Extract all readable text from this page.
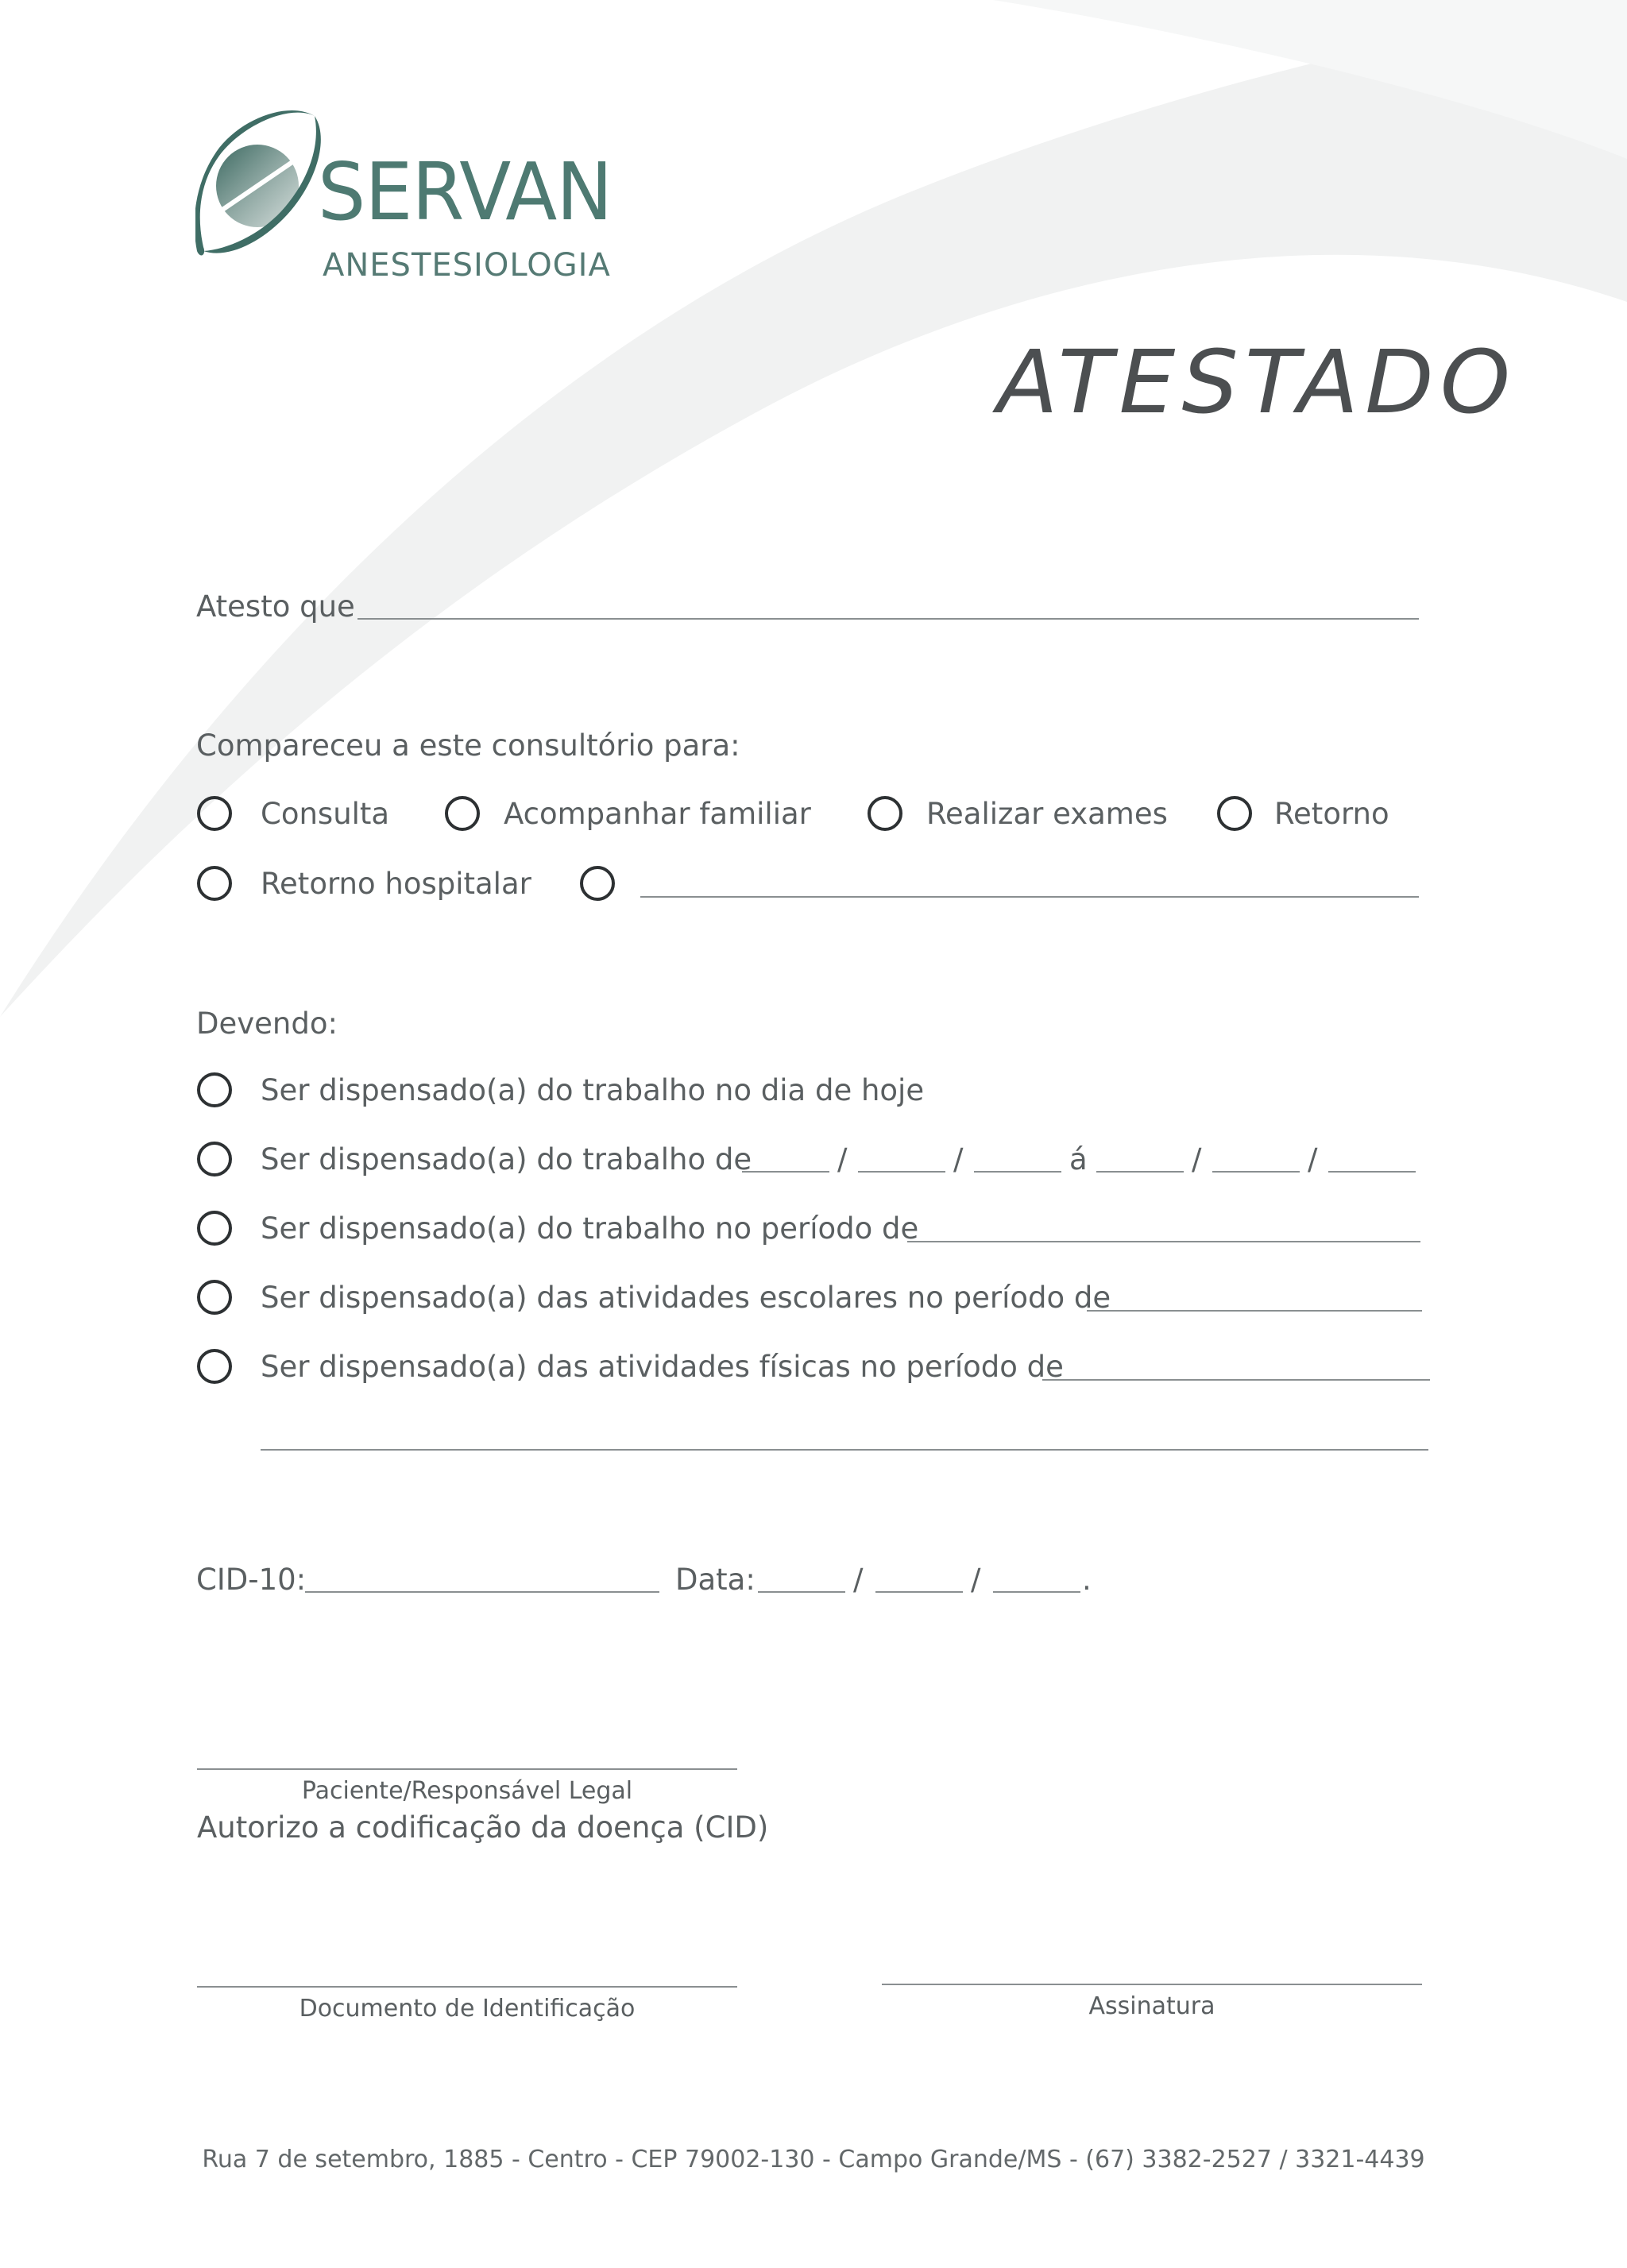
SERVAN
ANESTESIOLOGIA
ATESTADO
Atesto que
Compareceu a este consultório para:
Consulta	Acompanhar familiar	Realizar exames	Retorno
Retorno hospitalar
Devendo:
Ser dispensado(a) do trabalho no dia de hoje
Ser dispensado(a) do trabalho de	/	/	á	/	/
Ser dispensado(a) do trabalho no período de
Ser dispensado(a) das atividades escolares no período de
Ser dispensado(a) das atividades físicas no período de
CID-10:	Data:	/	/	.
Paciente/Responsável Legal
Autorizo a codificação da doença (CID)
Documento de Identificação	Assinatura
Rua 7 de setembro, 1885 - Centro - CEP 79002-130 - Campo Grande/MS - (67) 3382-2527 / 3321-4439
